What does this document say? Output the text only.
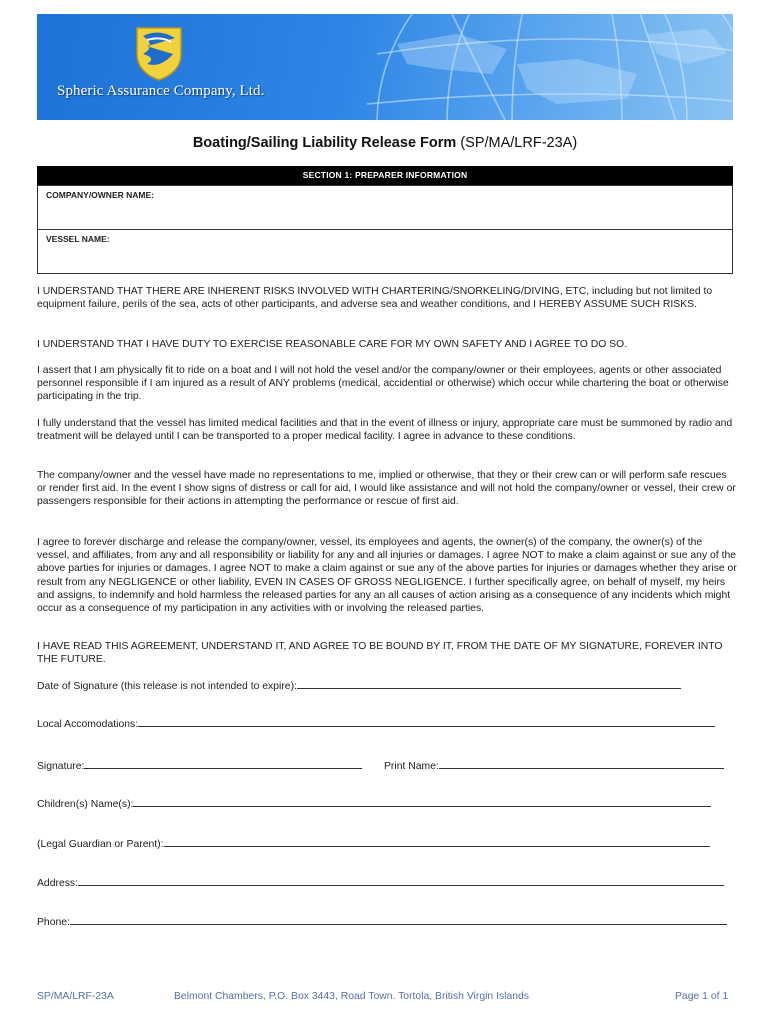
Spheric Assurance Company, Ltd.
Boating/Sailing Liability Release Form (SP/MA/LRF-23A)
SECTION 1: PREPARER INFORMATION
COMPANY/OWNER NAME:
VESSEL NAME:

I UNDERSTAND THAT THERE ARE INHERENT RISKS INVOLVED WITH CHARTERING/SNORKELING/DIVING, ETC, including but not limited to equipment failure, perils of the sea, acts of other participants, and adverse sea and weather conditions, and I HEREBY ASSUME SUCH RISKS.

I UNDERSTAND THAT I HAVE DUTY TO EXERCISE REASONABLE CARE FOR MY OWN SAFETY AND I AGREE TO DO SO.

I assert that I am physically fit to ride on a boat and I will not hold the vesel and/or the company/owner or their employees, agents or other associated personnel responsible if I am injured as a result of ANY problems (medical, accidential or otherwise) which occur while chartering the boat or otherwise participating in the trip.

I fully understand that the vessel has limited medical facilities and that in the event of illness or injury, appropriate care must be summoned by radio and treatment will be delayed until I can be transported to a proper medical facility. I agree in advance to these conditions.

The company/owner and the vessel have made no representations to me, implied or otherwise, that they or their crew can or will perform safe rescues or render first aid. In the event I show signs of distress or call for aid, I would like assistance and will not hold the company/owner or vessel, their crew or passengers responsible for their actions in attempting the performance or rescue of first aid.

I agree to forever discharge and release the company/owner, vessel, its employees and agents, the owner(s) of the company, the owner(s) of the vessel, and affiliates, from any and all responsibility or liability for any and all injuries or damages. I agree NOT to make a claim against or sue any of the above parties for injuries or damages. I agree NOT to make a claim against or sue any of the above parties for injuries or damages whether they arise or result from any NEGLIGENCE or other liability, EVEN IN CASES OF GROSS NEGLIGENCE. I further specifically agree, on behalf of myself, my heirs and assigns, to indemnify and hold harmless the released parties for any an all causes of action arising as a consequence of any incidents which might occur as a consequence of my participation in any activities with or involving the released parties.

I HAVE READ THIS AGREEMENT, UNDERSTAND IT, AND AGREE TO BE BOUND BY IT, FROM THE DATE OF MY SIGNATURE, FOREVER INTO THE FUTURE.

Date of Signature (this release is not intended to expire):
Local Accomodations:
Signature:	Print Name:
Children(s) Name(s):
(Legal Guardian or Parent):
Address:
Phone:
SP/MA/LRF-23A	Belmont Chambers, P.O. Box 3443, Road Town. Tortola, British Virgin Islands	Page 1 of 1
